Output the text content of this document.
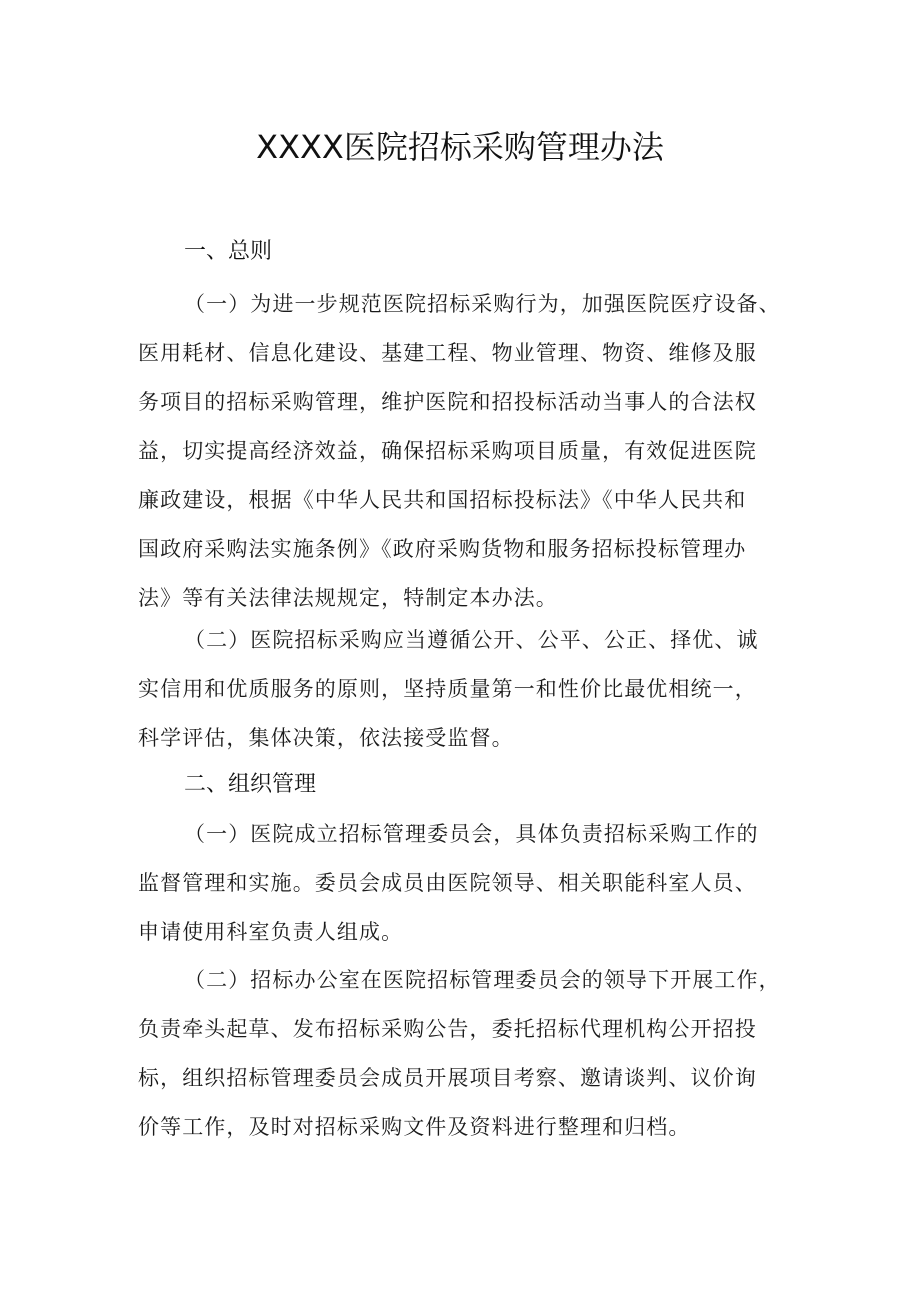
XXXX医院招标采购管理办法
一、总则
（一）为进一步规范医院招标采购行为，加强医院医疗设备、
医用耗材、信息化建设、基建工程、物业管理、物资、维修及服
务项目的招标采购管理，维护医院和招投标活动当事人的合法权
益，切实提高经济效益，确保招标采购项目质量，有效促进医院
廉政建设，根据《中华人民共和国招标投标法》《中华人民共和
国政府采购法实施条例》《政府采购货物和服务招标投标管理办
法》等有关法律法规规定，特制定本办法。
（二）医院招标采购应当遵循公开、公平、公正、择优、诚
实信用和优质服务的原则，坚持质量第一和性价比最优相统一，
科学评估，集体决策，依法接受监督。
二、组织管理
（一）医院成立招标管理委员会，具体负责招标采购工作的
监督管理和实施。委员会成员由医院领导、相关职能科室人员、
申请使用科室负责人组成。
（二）招标办公室在医院招标管理委员会的领导下开展工作，
负责牵头起草、发布招标采购公告，委托招标代理机构公开招投
标，组织招标管理委员会成员开展项目考察、邀请谈判、议价询
价等工作，及时对招标采购文件及资料进行整理和归档。
